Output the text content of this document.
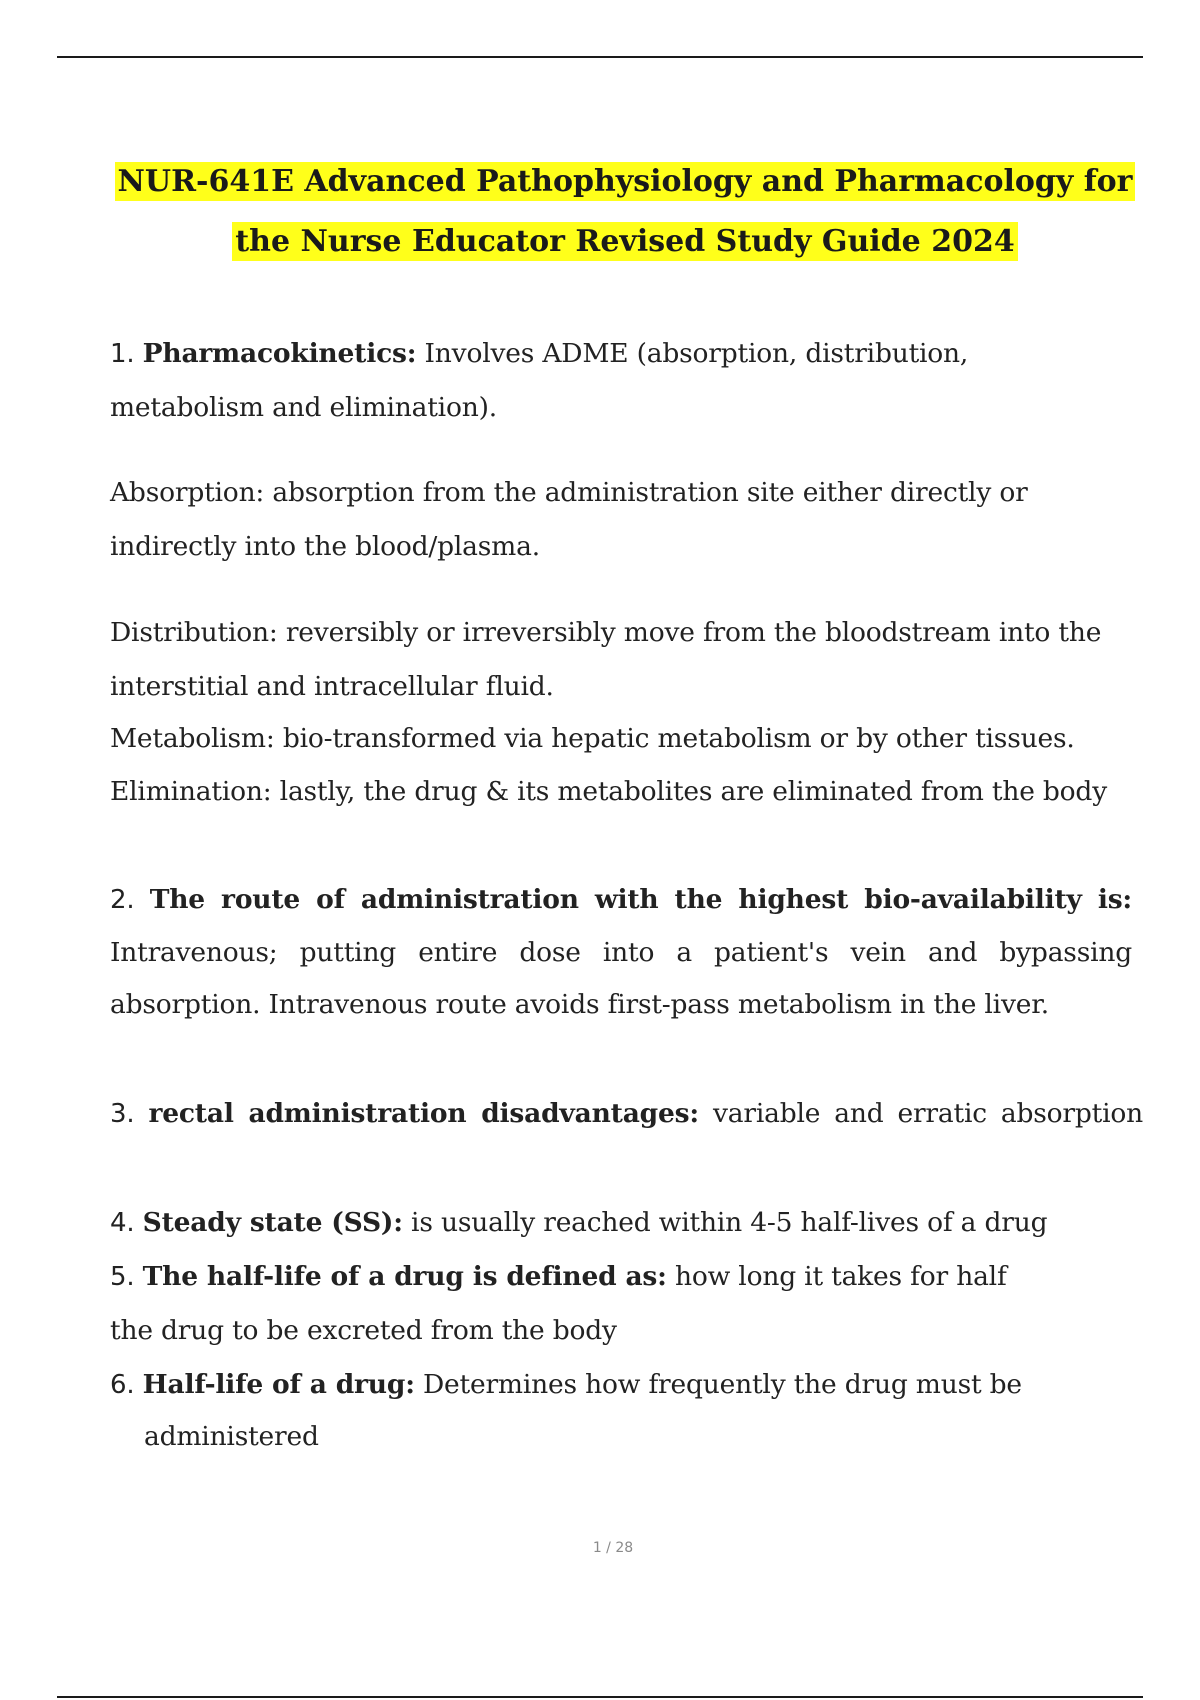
NUR-641E Advanced Pathophysiology and Pharmacology for
the Nurse Educator Revised Study Guide 2024
1. Pharmacokinetics: Involves ADME (absorption, distribution, metabolism and elimination).
Absorption: absorption from the administration site either directly or indirectly into the blood/plasma.
Distribution: reversibly or irreversibly move from the bloodstream into the interstitial and intracellular fluid.
Metabolism: bio-transformed via hepatic metabolism or by other tissues. Elimination: lastly, the drug & its metabolites are eliminated from the body
2. The route of administration with the highest bio-availability is: Intravenous; putting entire dose into a patient's vein and bypassing absorption. Intravenous route avoids first-pass metabolism in the liver.
3. rectal administration disadvantages: variable and erratic absorption
4. Steady state (SS): is usually reached within 4-5 half-lives of a drug
5. The half-life of a drug is defined as: how long it takes for half
the drug to be excreted from the body
6. Half-life of a drug: Determines how frequently the drug must be administered
1 / 28
